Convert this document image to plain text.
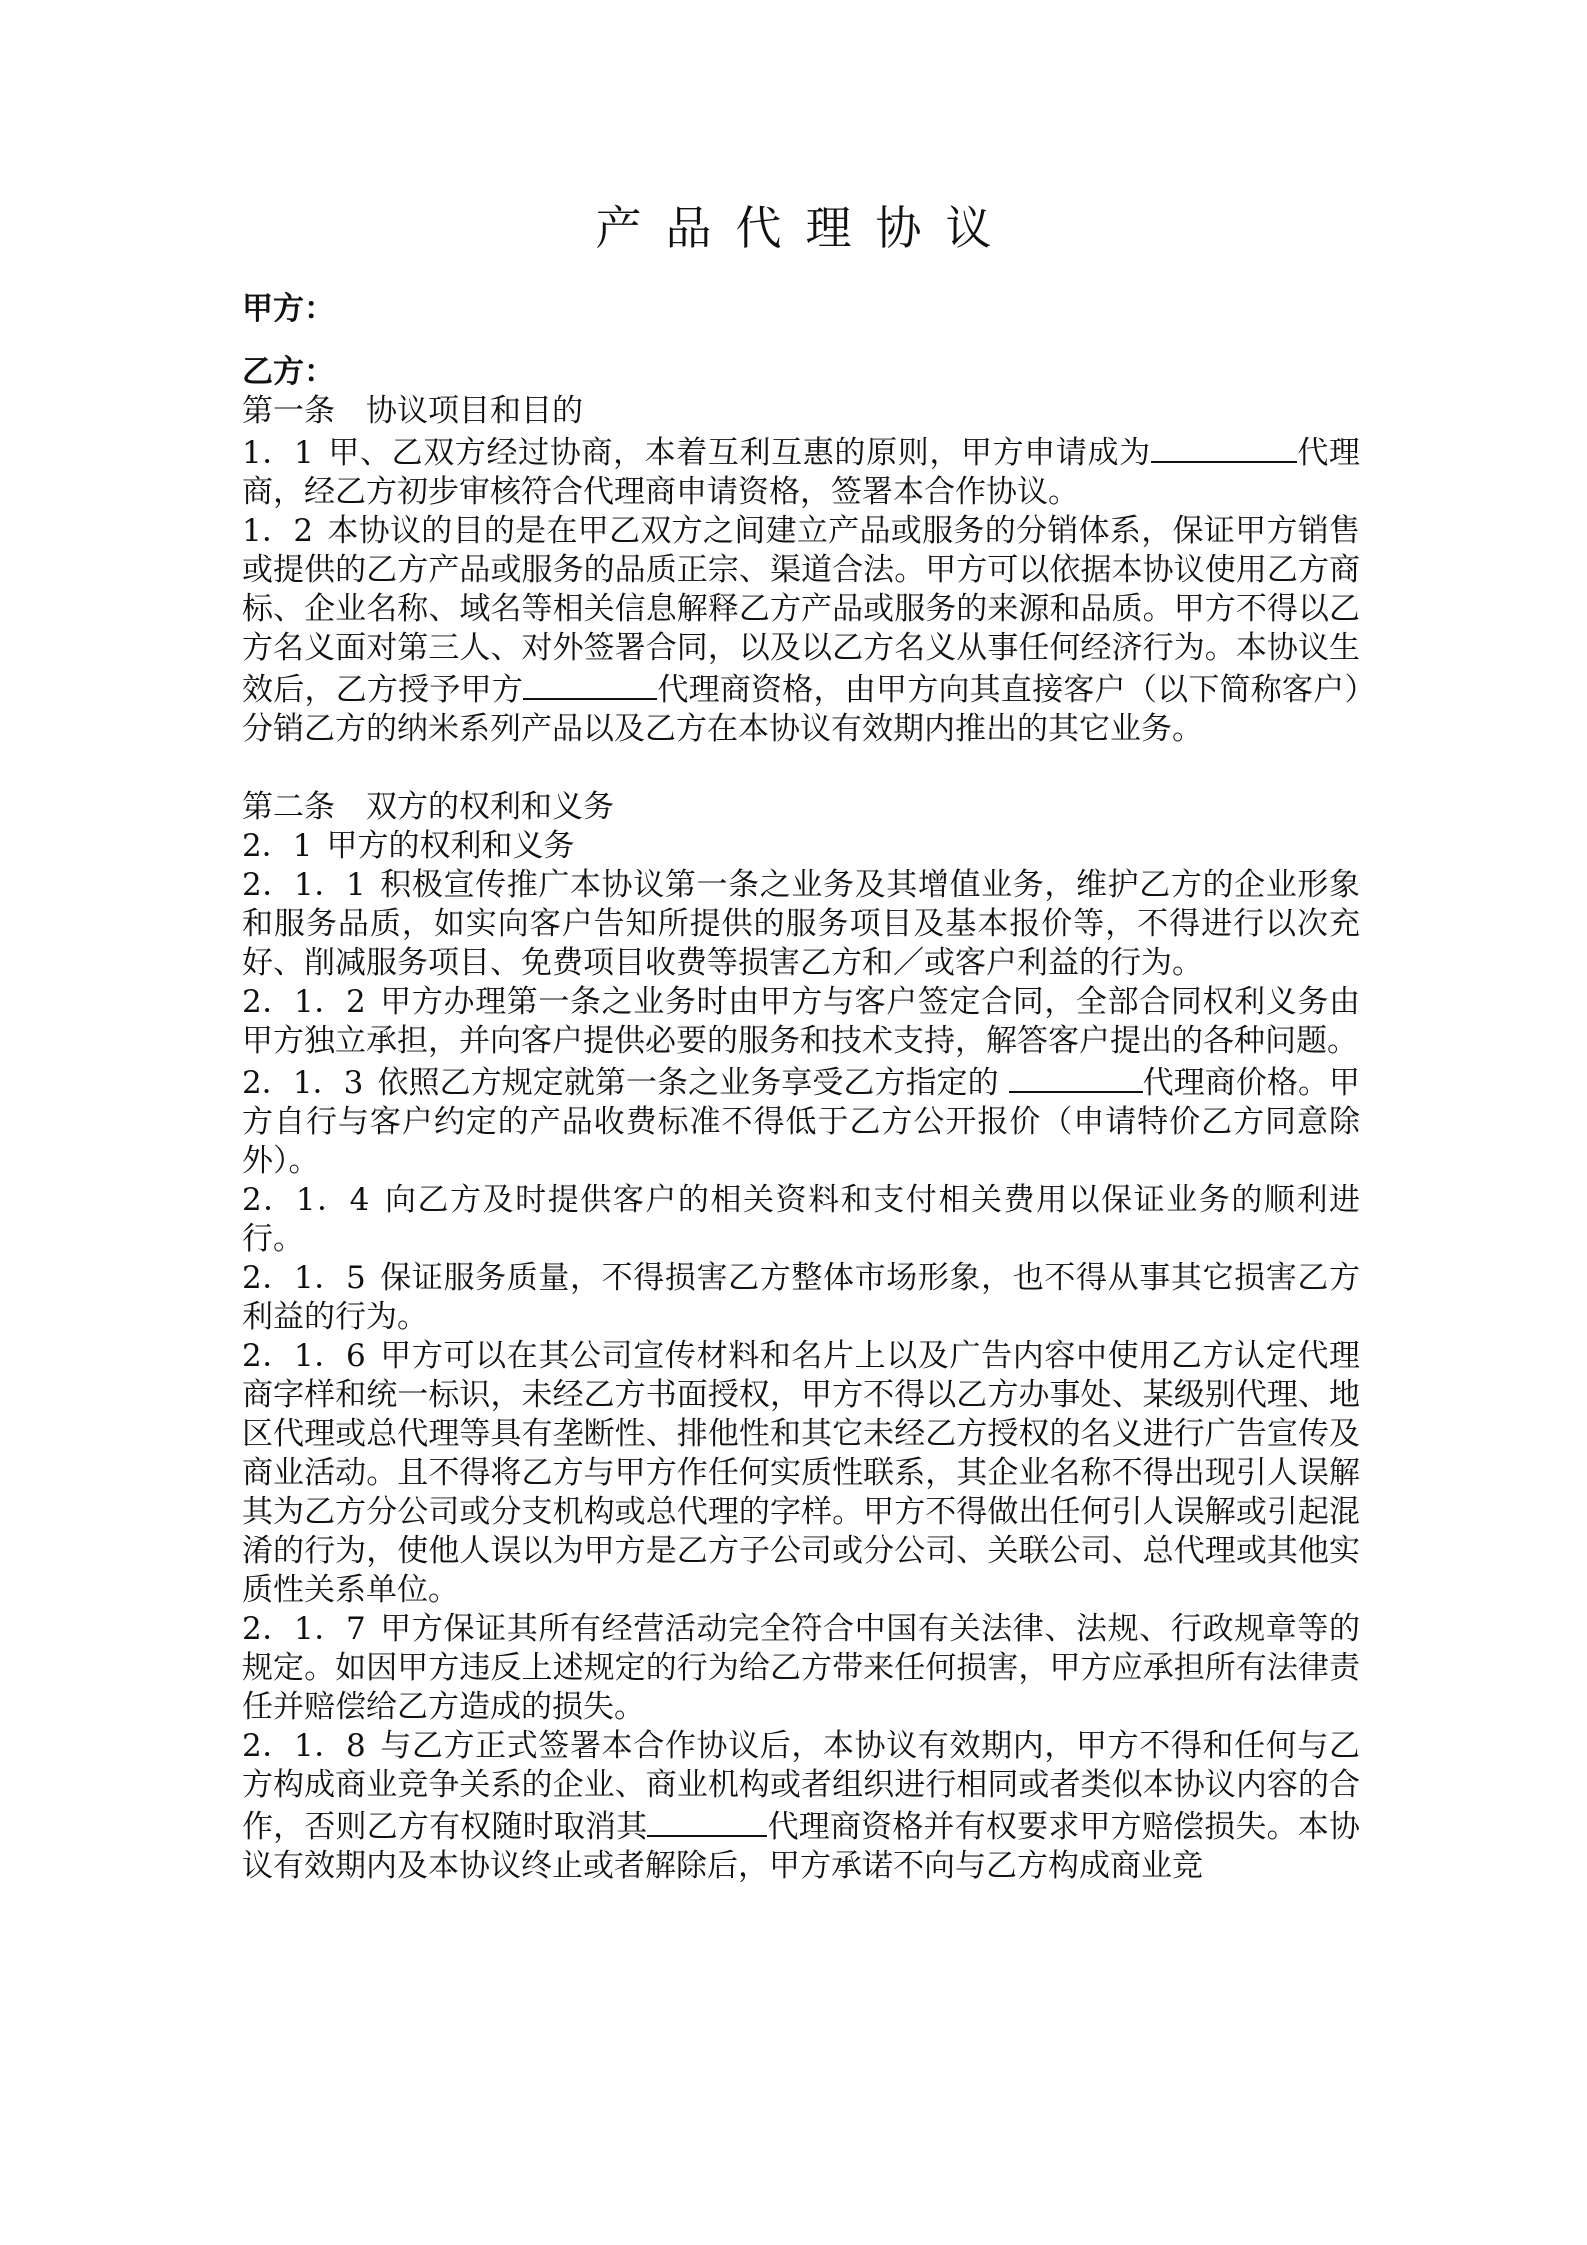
产品代理协议

甲方：

乙方：

第一条　协议项目和目的

1．1 甲、乙双方经过协商，本着互利互惠的原则，甲方申请成为	代理商，经乙方初步审核符合代理商申请资格，签署本合作协议。

1．2 本协议的目的是在甲乙双方之间建立产品或服务的分销体系，保证甲方销售或提供的乙方产品或服务的品质正宗、渠道合法。甲方可以依据本协议使用乙方商标、企业名称、域名等相关信息解释乙方产品或服务的来源和品质。甲方不得以乙方名义面对第三人、对外签署合同，以及以乙方名义从事任何经济行为。本协议生效后，乙方授予甲方	代理商资格，由甲方向其直接客户（以下简称客户）分销乙方的纳米系列产品以及乙方在本协议有效期内推出的其它业务。

第二条　双方的权利和义务

2．1 甲方的权利和义务

2．1．1 积极宣传推广本协议第一条之业务及其增值业务，维护乙方的企业形象和服务品质，如实向客户告知所提供的服务项目及基本报价等，不得进行以次充好、削减服务项目、免费项目收费等损害乙方和／或客户利益的行为。

2．1．2 甲方办理第一条之业务时由甲方与客户签定合同，全部合同权利义务由甲方独立承担，并向客户提供必要的服务和技术支持，解答客户提出的各种问题。

2．1．3 依照乙方规定就第一条之业务享受乙方指定的	代理商价格。甲方自行与客户约定的产品收费标准不得低于乙方公开报价（申请特价乙方同意除外）。

2．1．4 向乙方及时提供客户的相关资料和支付相关费用以保证业务的顺利进行。

2．1．5 保证服务质量，不得损害乙方整体市场形象，也不得从事其它损害乙方利益的行为。

2．1．6 甲方可以在其公司宣传材料和名片上以及广告内容中使用乙方认定代理商字样和统一标识，未经乙方书面授权，甲方不得以乙方办事处、某级别代理、地区代理或总代理等具有垄断性、排他性和其它未经乙方授权的名义进行广告宣传及商业活动。且不得将乙方与甲方作任何实质性联系，其企业名称不得出现引人误解其为乙方分公司或分支机构或总代理的字样。甲方不得做出任何引人误解或引起混淆的行为，使他人误以为甲方是乙方子公司或分公司、关联公司、总代理或其他实质性关系单位。

2．1．7 甲方保证其所有经营活动完全符合中国有关法律、法规、行政规章等的规定。如因甲方违反上述规定的行为给乙方带来任何损害，甲方应承担所有法律责任并赔偿给乙方造成的损失。

2．1．8 与乙方正式签署本合作协议后，本协议有效期内，甲方不得和任何与乙方构成商业竞争关系的企业、商业机构或者组织进行相同或者类似本协议内容的合作，否则乙方有权随时取消其	代理商资格并有权要求甲方赔偿损失。本协议有效期内及本协议终止或者解除后，甲方承诺不向与乙方构成商业竞
